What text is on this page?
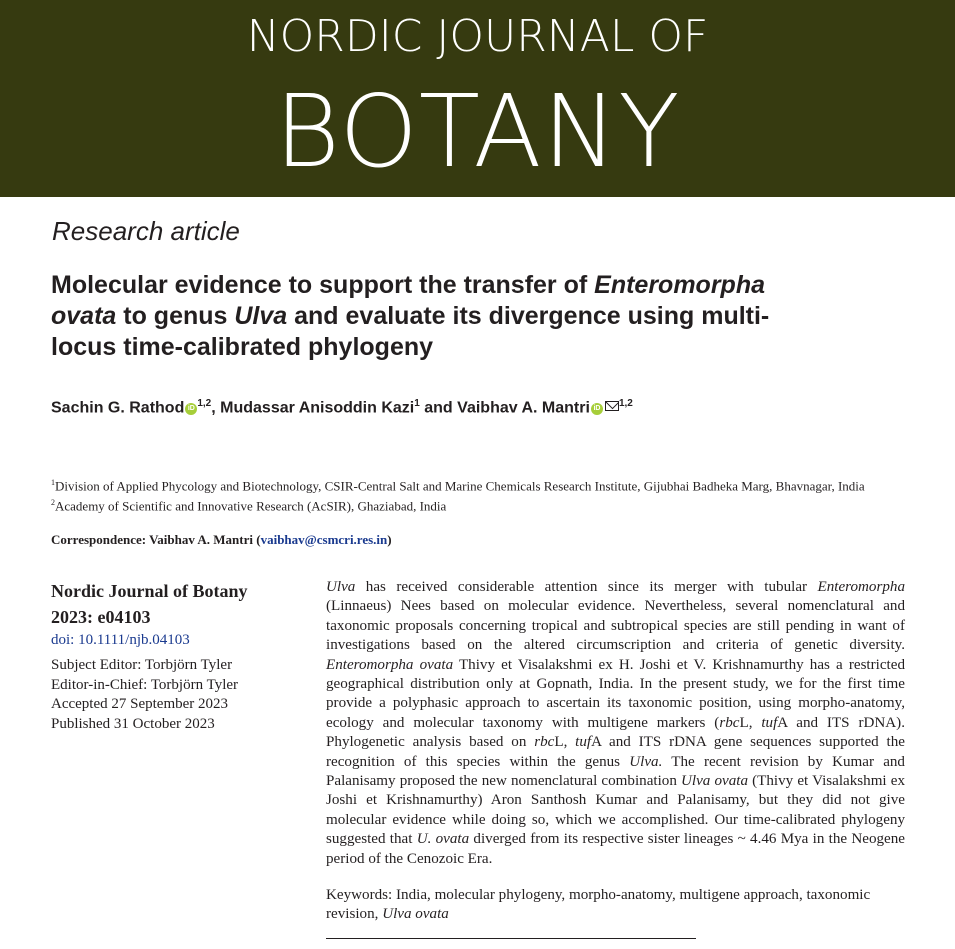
NORDIC JOURNAL OF
BOTANY
Research article
Molecular evidence to support the transfer of Enteromorpha ovata to genus Ulva and evaluate its divergence using multi-locus time-calibrated phylogeny
Sachin G. Rathod iD $^{1,2}$, Mudassar Anisoddin Kazi$^1$ and Vaibhav A. Mantri iD $^{1,2}$

$^1$Division of Applied Phycology and Biotechnology, CSIR-Central Salt and Marine Chemicals Research Institute, Gijubhai Badheka Marg, Bhavnagar, India

$^2$Academy of Scientific and Innovative Research (AcSIR), Ghaziabad, India

Correspondence: Vaibhav A. Mantri (vaibhav@csmcri.res.in)
Nordic Journal of Botany
2023: e04103
doi: 10.1111/njb.04103
Subject Editor: Torbjörn Tyler
Editor-in-Chief: Torbjörn Tyler
Accepted 27 September 2023
Published 31 October 2023

Ulva has received considerable attention since its merger with tubular Enteromorpha (Linnaeus) Nees based on molecular evidence. Nevertheless, several nomenclatural and taxonomic proposals concerning tropical and subtropical species are still pending in want of investigations based on the altered circumscription and criteria of genetic diversity. Enteromorpha ovata Thivy et Visalakshmi ex H. Joshi et V. Krishnamurthy has a restricted geographical distribution only at Gopnath, India. In the present study, we for the first time provide a polyphasic approach to ascertain its taxonomic position, using morpho-anatomy, ecology and molecular taxonomy with multigene markers (rbcL, tufA and ITS rDNA). Phylogenetic analysis based on rbcL, tufA and ITS rDNA gene sequences supported the recognition of this species within the genus Ulva. The recent revision by Kumar and Palanisamy proposed the new nomenclatural combination Ulva ovata (Thivy et Visalakshmi ex Joshi et Krishnamurthy) Aron Santhosh Kumar and Palanisamy, but they did not give molecular evidence while doing so, which we accomplished. Our time-calibrated phylogeny suggested that U. ovata diverged from its respective sister lineages ~ 4.46 Mya in the Neogene period of the Cenozoic Era.

Keywords: India, molecular phylogeny, morpho-anatomy, multigene approach, taxonomic revision, Ulva ovata
